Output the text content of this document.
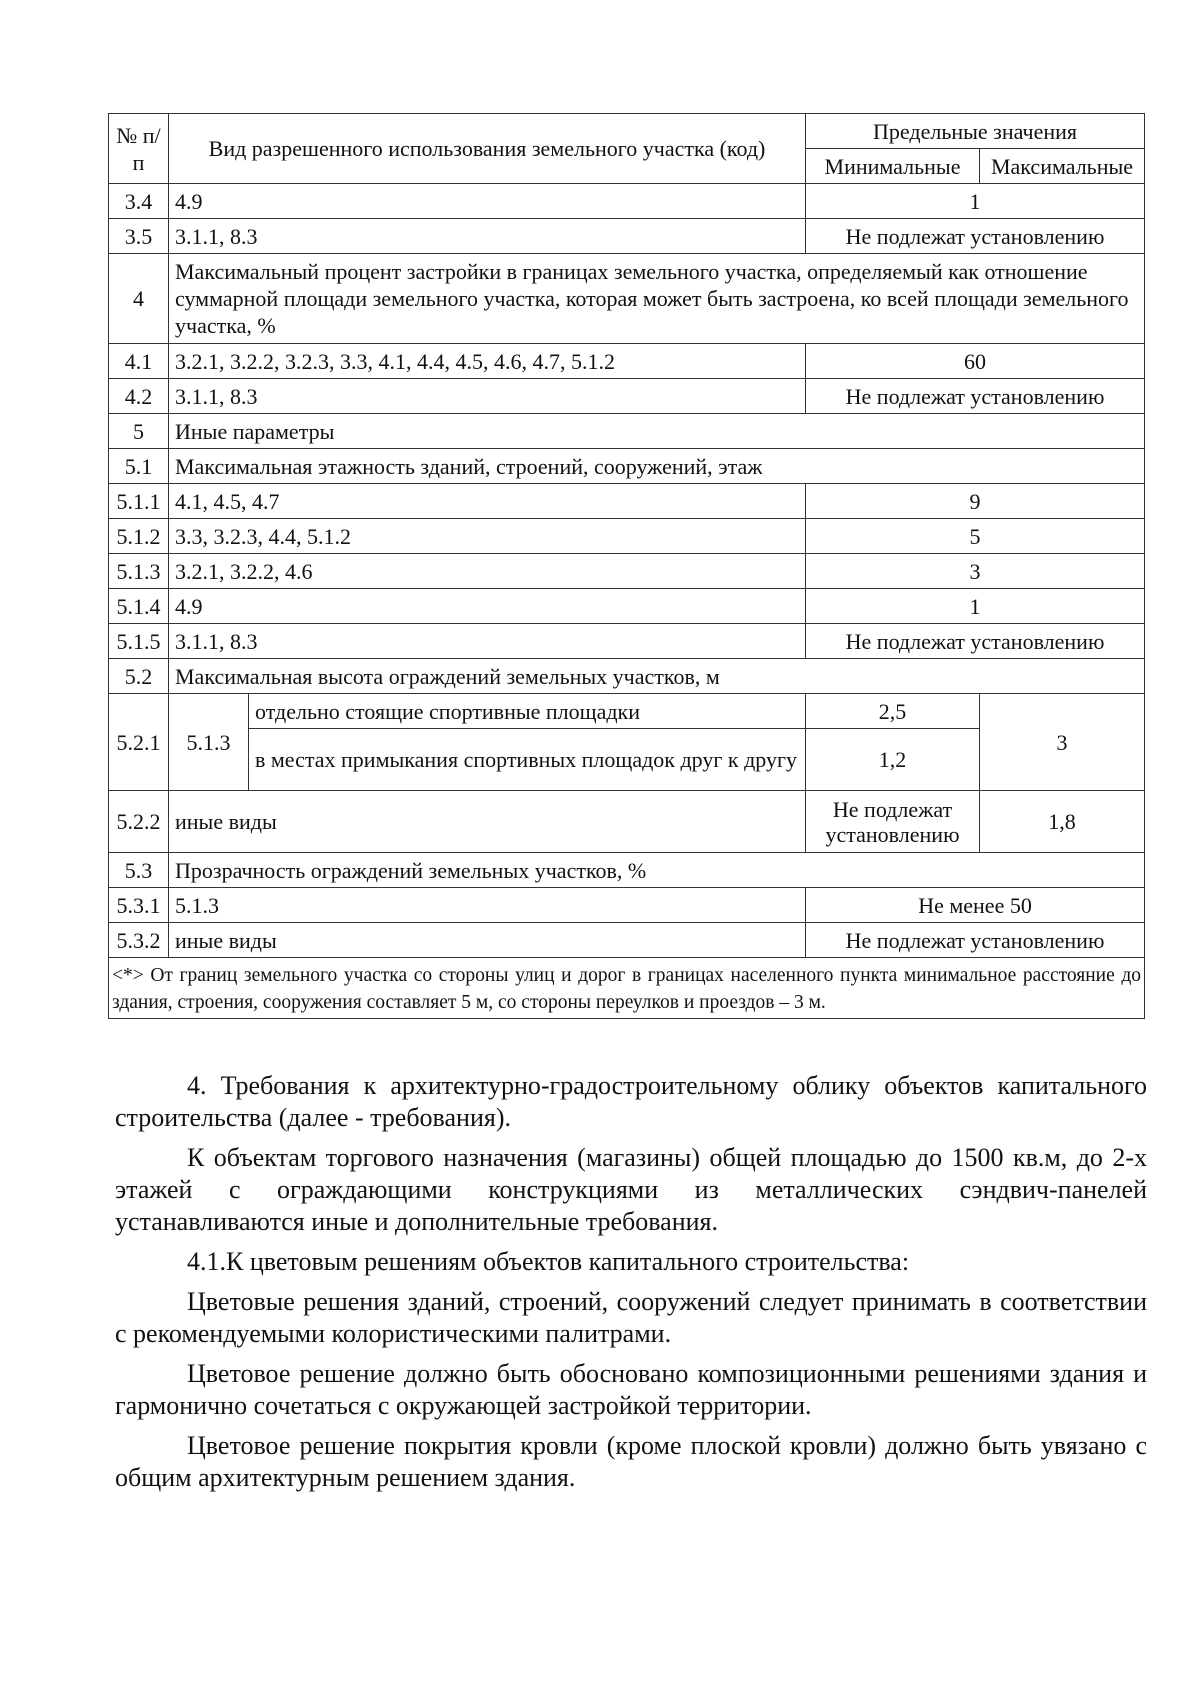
№ п/п	Вид разрешенного использования земельного участка (код)		Предельные значения	
			Минимальные	Максимальные
3.4	4.9		1	
3.5	3.1.1, 8.3		Не подлежат установлению	
4	Максимальный процент застройки в границах земельного участка, определяемый как отношение суммарной площади земельного участка, которая может быть застроена, ко всей площади земельного участка, %			
4.1	3.2.1, 3.2.2, 3.2.3, 3.3, 4.1, 4.4, 4.5, 4.6, 4.7, 5.1.2		60	
4.2	3.1.1, 8.3		Не подлежат установлению	
5	Иные параметры			
5.1	Максимальная этажность зданий, строений, сооружений, этаж			
5.1.1	4.1, 4.5, 4.7		9	
5.1.2	3.3, 3.2.3, 4.4, 5.1.2		5	
5.1.3	3.2.1, 3.2.2, 4.6		3	
5.1.4	4.9		1	
5.1.5	3.1.1, 8.3		Не подлежат установлению	
5.2	Максимальная высота ограждений земельных участков, м			
5.2.1	5.1.3	отдельно стоящие спортивные площадки	2,5	3
		в местах примыкания спортивных площадок друг к другу	1,2	
5.2.2	иные виды		Не подлежат установлению	1,8
5.3	Прозрачность ограждений земельных участков, %			
5.3.1	5.1.3		Не менее 50	
5.3.2	иные виды		Не подлежат установлению	
<*> От границ земельного участка со стороны улиц и дорог в границах населенного пункта минимальное расстояние до здания, строения, сооружения составляет 5 м, со стороны переулков и проездов – 3 м.				

4. Требования к архитектурно-градостроительному облику объектов капитального строительства (далее - требования).

К объектам торгового назначения (магазины) общей площадью до 1500 кв.м, до 2-х этажей с ограждающими конструкциями из металлических сэндвич-панелей устанавливаются иные и дополнительные требования.

4.1.К цветовым решениям объектов капитального строительства:

Цветовые решения зданий, строений, сооружений следует принимать в соответствии с рекомендуемыми колористическими палитрами.

Цветовое решение должно быть обосновано композиционными решениями здания и гармонично сочетаться с окружающей застройкой территории.

Цветовое решение покрытия кровли (кроме плоской кровли) должно быть увязано с общим архитектурным решением здания.
